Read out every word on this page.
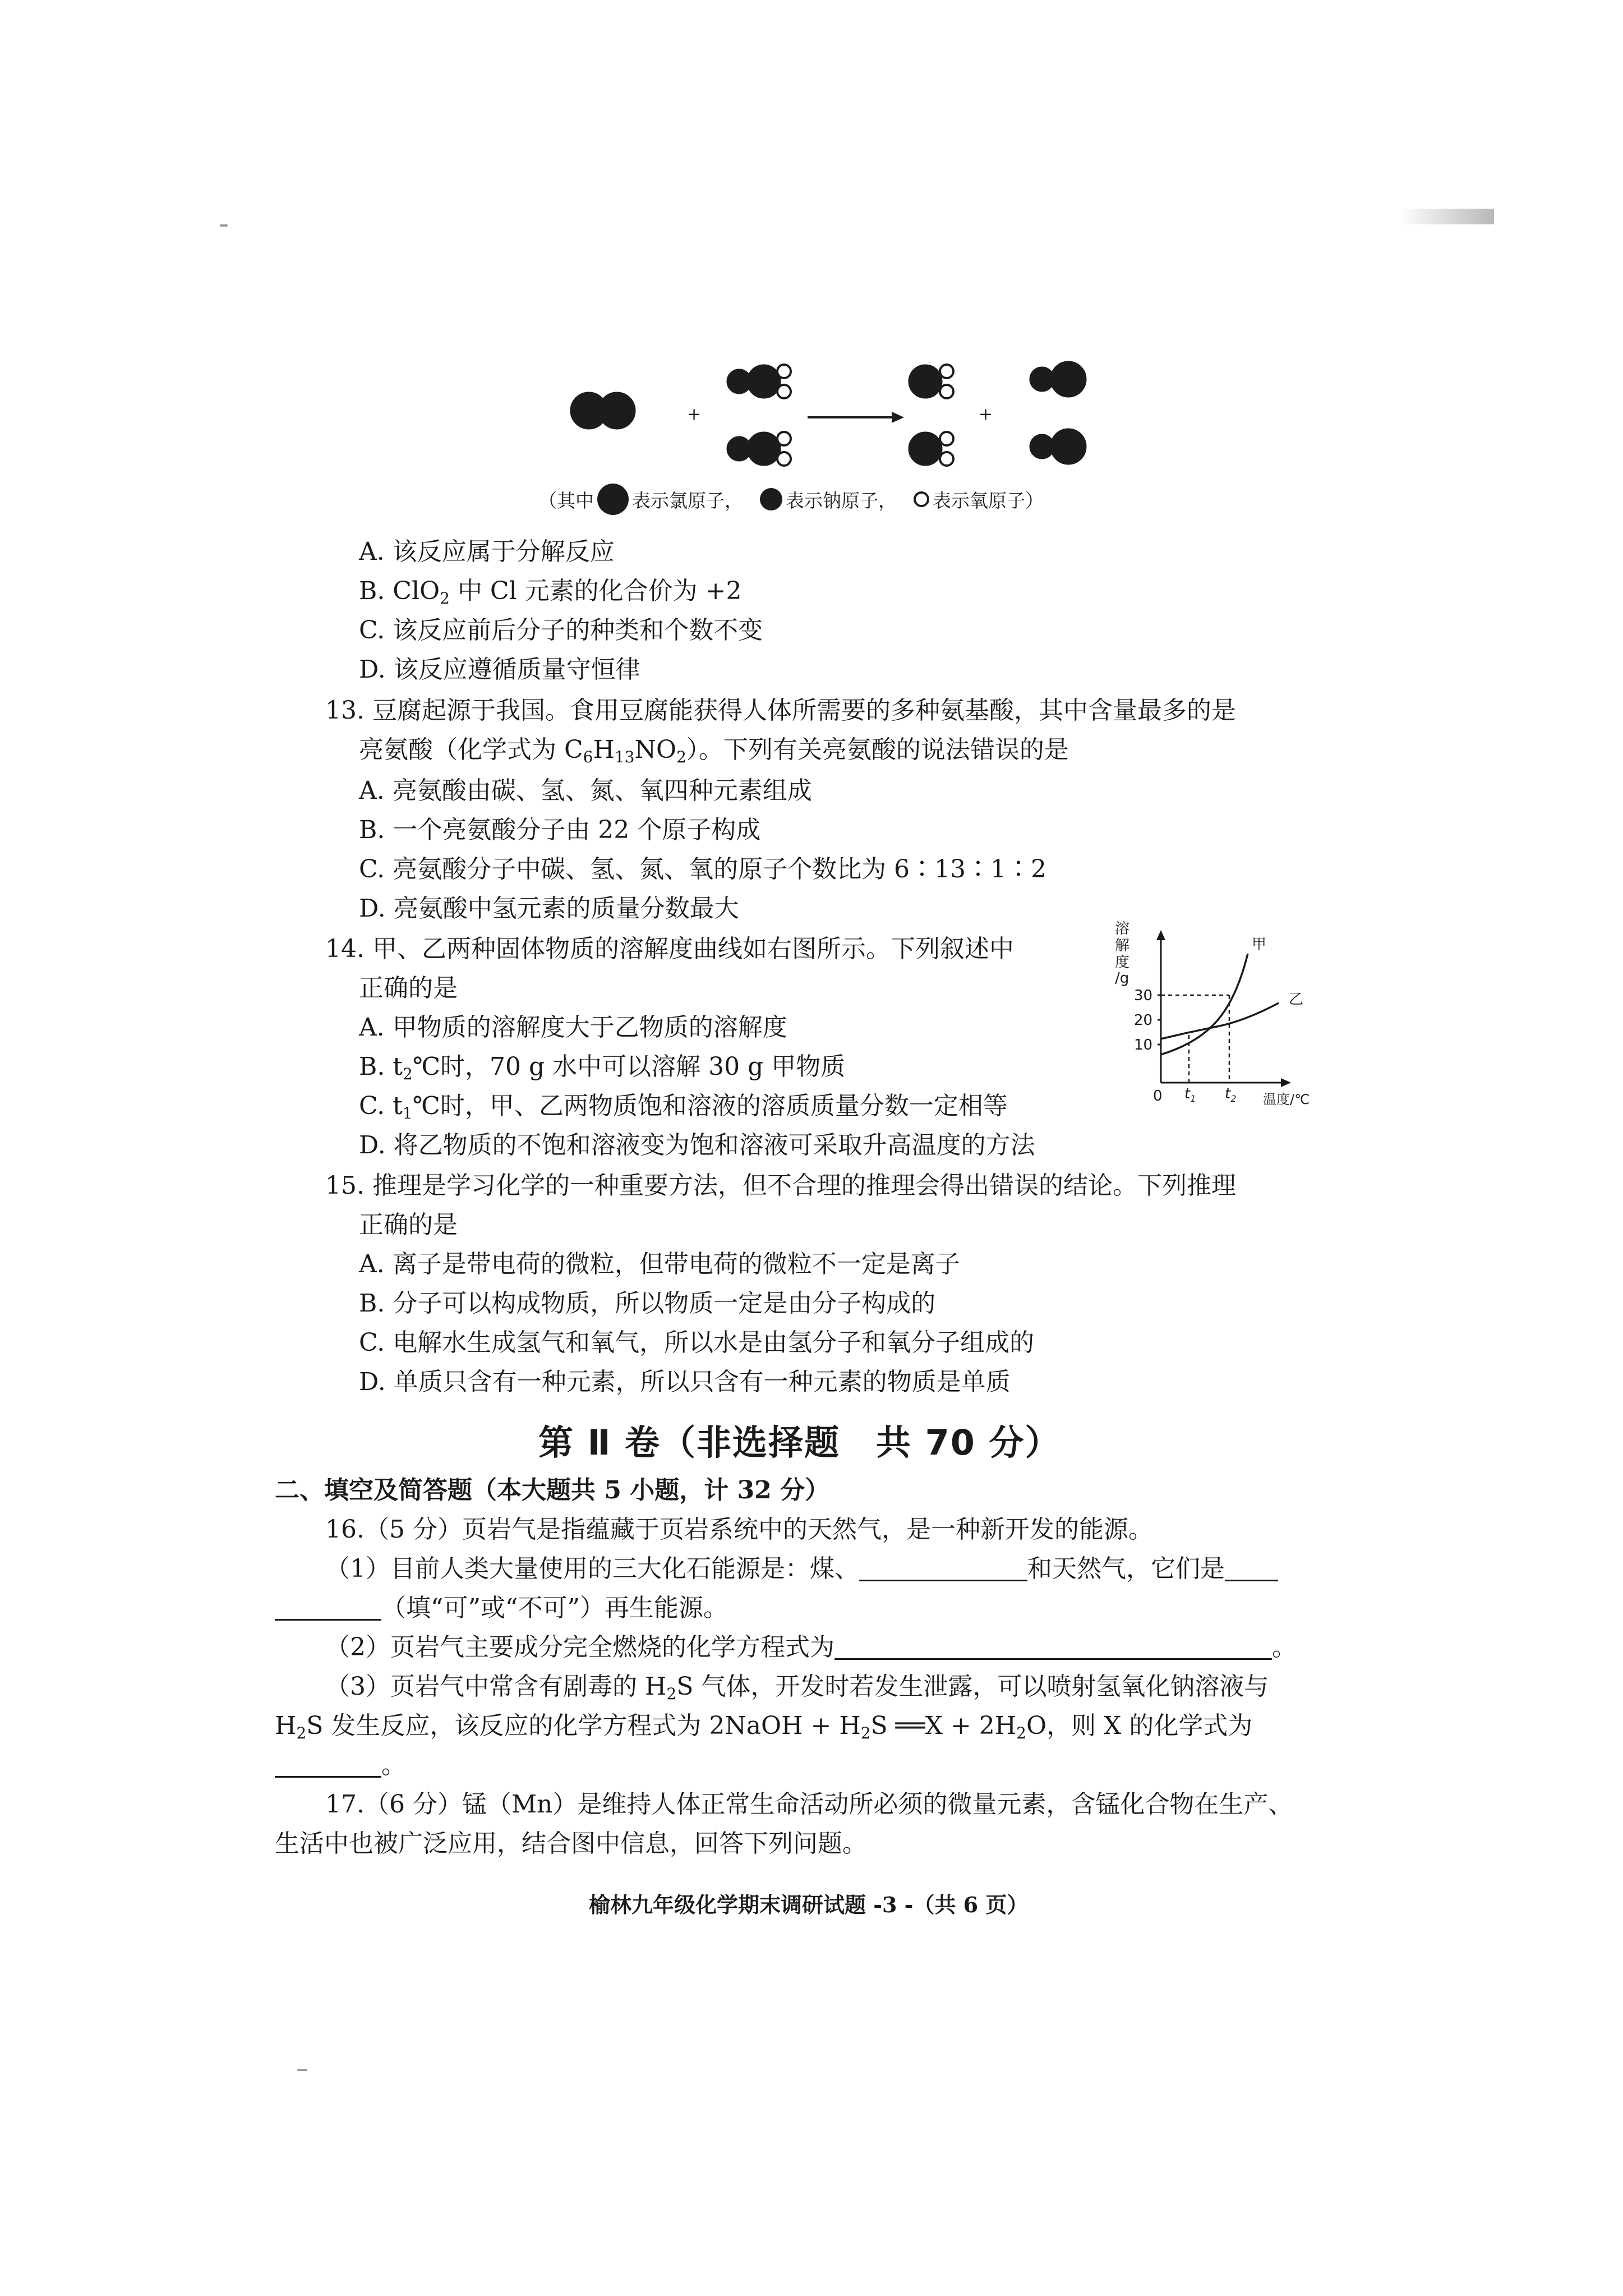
+	+
（其中 表示氯原子， 表示钠原子， 表示氧原子）
A. 该反应属于分解反应
B. ClO$_2$ 中 Cl 元素的化合价为 +2
C. 该反应前后分子的种类和个数不变
D. 该反应遵循质量守恒律
13. 豆腐起源于我国。食用豆腐能获得人体所需要的多种氨基酸，其中含量最多的是
亮氨酸（化学式为 $C_6H_{13}NO_2$）。下列有关亮氨酸的说法错误的是
A. 亮氨酸由碳、氢、氮、氧四种元素组成
B. 一个亮氨酸分子由 22 个原子构成
C. 亮氨酸分子中碳、氢、氮、氧的原子个数比为 6∶13∶1∶2
D. 亮氨酸中氢元素的质量分数最大
14. 甲、乙两种固体物质的溶解度曲线如右图所示。下列叙述中
正确的是
A. 甲物质的溶解度大于乙物质的溶解度
B. $t_2℃$时，70 g 水中可以溶解 30 g 甲物质
C. $t_1℃$时，甲、乙两物质饱和溶液的溶质质量分数一定相等
D. 将乙物质的不饱和溶液变为饱和溶液可采取升高温度的方法
溶
解
度
/g
10
20
30
0 $t_1$ $t_2$ 温度/℃
甲
乙
15. 推理是学习化学的一种重要方法，但不合理的推理会得出错误的结论。下列推理
正确的是
A. 离子是带电荷的微粒，但带电荷的微粒不一定是离子
B. 分子可以构成物质，所以物质一定是由分子构成的
C. 电解水生成氢气和氧气，所以水是由氢分子和氧分子组成的
D. 单质只含有一种元素，所以只含有一种元素的物质是单质
第 Ⅱ 卷（非选择题　共 70 分）
二、填空及简答题（本大题共 5 小题，计 32 分）
16.（5 分）页岩气是指蕴藏于页岩系统中的天然气，是一种新开发的能源。
（1）目前人类大量使用的三大化石能源是：煤、	和天然气，它们是
（填“可”或“不可”）再生能源。
（2）页岩气主要成分完全燃烧的化学方程式为	。
（3）页岩气中常含有剧毒的 $H_2S$ 气体，开发时若发生泄露，可以喷射氢氧化钠溶液与
$H_2S$ 发生反应，该反应的化学方程式为 2NaOH + $H_2S$ ══X + $2H_2O$，则 X 的化学式为
。
17.（6 分）锰（Mn）是维持人体正常生命活动所必须的微量元素，含锰化合物在生产、
生活中也被广泛应用，结合图中信息，回答下列问题。
榆林九年级化学期末调研试题 -3 -（共 6 页）
